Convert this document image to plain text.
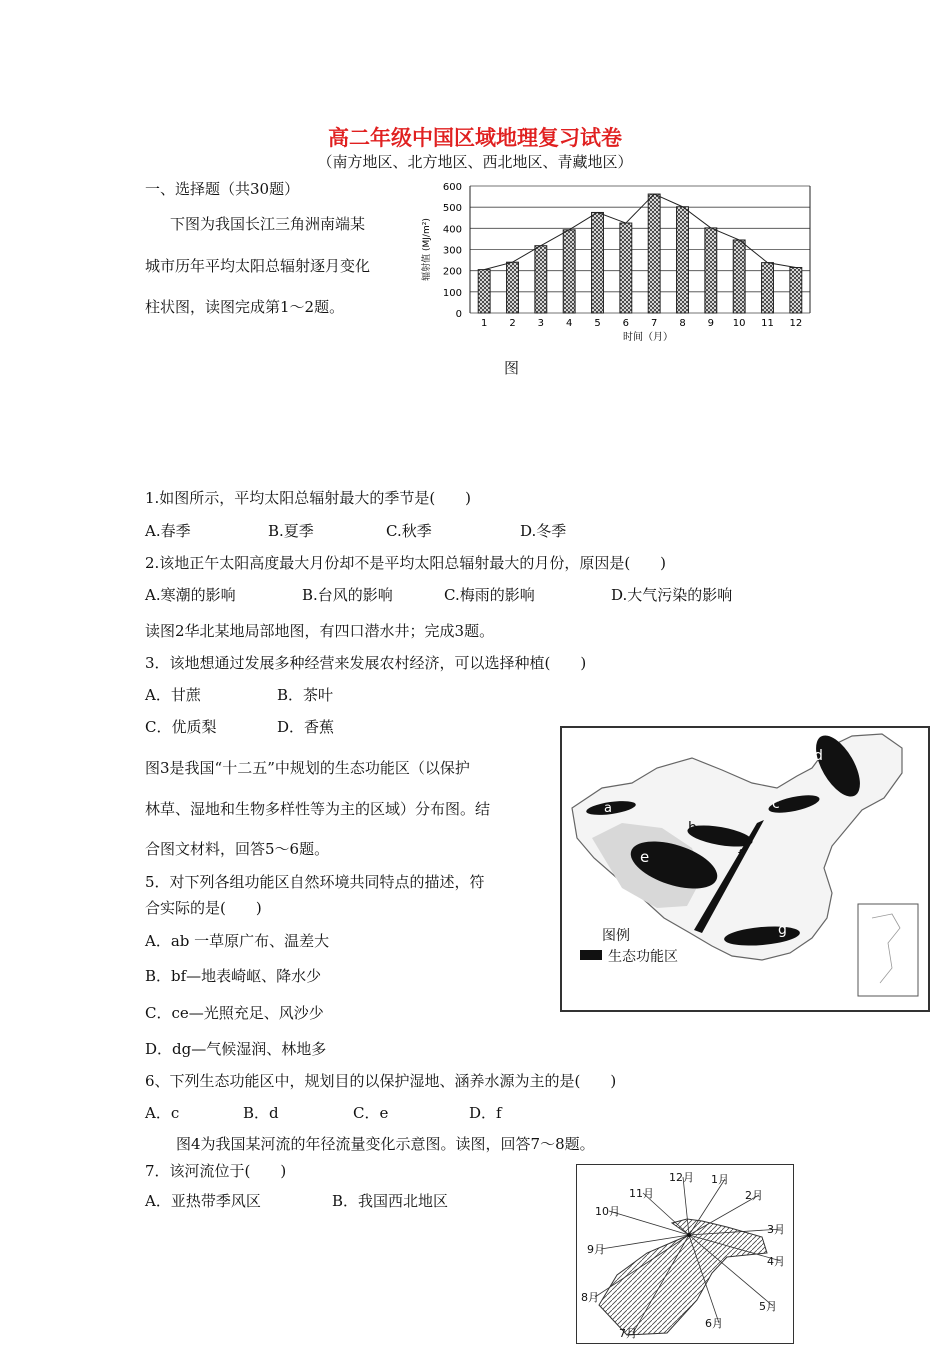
高二年级中国区域地理复习试卷
（南方地区、北方地区、西北地区、青藏地区）
一、选择题（共30题）
下图为我国长江三角洲南端某
城市历年平均太阳总辐射逐月变化
柱状图，读图完成第1～2题。	0
100
200
300
400
500
600
1 2 3 4 5 6 7 8 9 10 11 12
时间（月）
辐射值 (MJ/m²)
图
1.如图所示，平均太阳总辐射最大的季节是(　　)
A.春季	B.夏季	C.秋季	D.冬季
2.该地正午太阳高度最大月份却不是平均太阳总辐射最大的月份，原因是(　　)
A.寒潮的影响	B.台风的影响	C.梅雨的影响	D.大气污染的影响
读图2华北某地局部地图，有四口潜水井；完成3题。
3．该地想通过发展多种经营来发展农村经济，可以选择种植(　　)
A．甘蔗	B．茶叶
C．优质梨	D．香蕉
图3是我国“十二五”中规划的生态功能区（以保护
林草、湿地和生物多样性等为主的区域）分布图。结
合图文材料，回答5～6题。
5．对下列各组功能区自然环境共同特点的描述，符
合实际的是(　　)
A．ab 一草原广布、温差大
B．bf—地表崎岖、降水少
C．ce—光照充足、风沙少
D．dg—气候湿润、林地多
6、下列生态功能区中，规划目的以保护湿地、涵养水源为主的是(　　)
A．c	B．d	C．e	D．f
图4为我国某河流的年径流量变化示意图。读图，回答7～8题。
7．该河流位于(　　)
A．亚热带季风区	B．我国西北地区
a
b
c
d
e	f
g
图例
生态功能区
12月 1月
2月
3月
4月
5月
6月
7月
8月
9月
10月
11月
